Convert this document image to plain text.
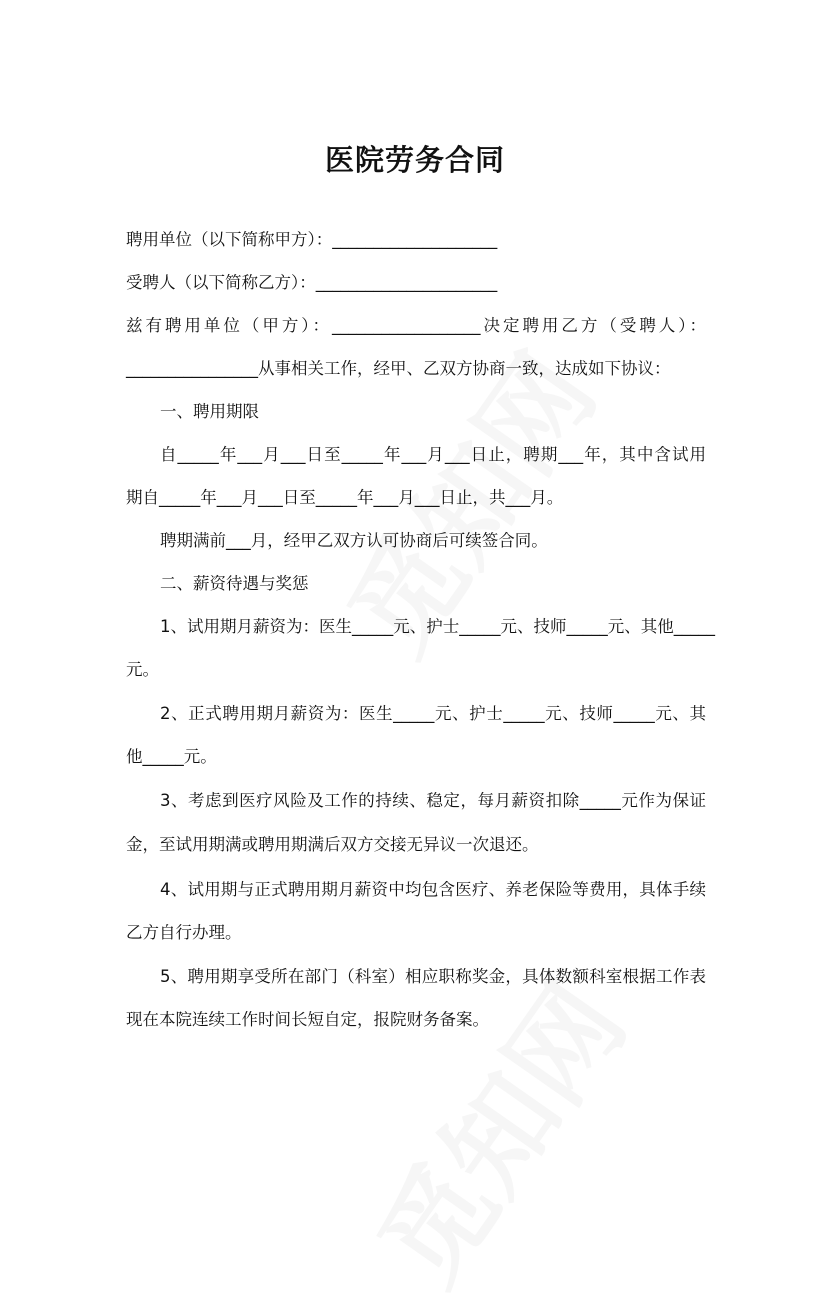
医院劳务合同
聘用单位（以下简称甲方）：____________________
受聘人（以下简称乙方）：______________________
兹有聘用单位（甲方）：__________________决定聘用乙方（受聘人）：
________________从事相关工作，经甲、乙双方协商一致，达成如下协议：
一、聘用期限
自_____年___月___日至_____年___月___日止，聘期___年，其中含试用
期自_____年___月___日至_____年___月___日止，共___月。
聘期满前___月，经甲乙双方认可协商后可续签合同。
二、薪资待遇与奖惩
1、试用期月薪资为：医生_____元、护士_____元、技师_____元、其他_____
元。
2、正式聘用期月薪资为：医生_____元、护士_____元、技师_____元、其
他_____元。
3、考虑到医疗风险及工作的持续、稳定，每月薪资扣除_____元作为保证
金，至试用期满或聘用期满后双方交接无异议一次退还。
4、试用期与正式聘用期月薪资中均包含医疗、养老保险等费用，具体手续
乙方自行办理。
5、聘用期享受所在部门（科室）相应职称奖金，具体数额科室根据工作表
现在本院连续工作时间长短自定，报院财务备案。
